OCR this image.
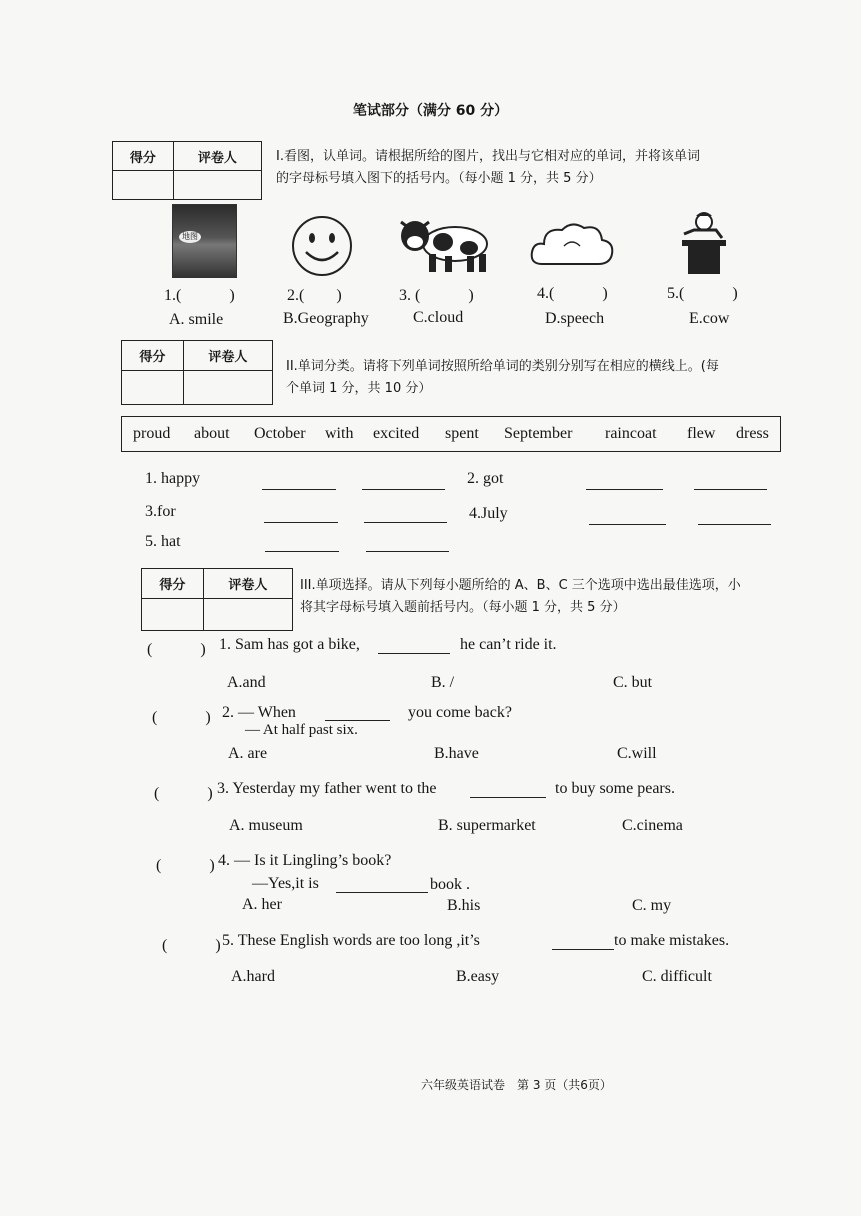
笔试部分（满分 60 分）
得分	评卷人
		I.看图，认单词。请根据所给的图片，找出与它相对应的单词，并将该单词
的字母标号填入图下的括号内。（每小题 1 分，共 5 分）
地图
1.(　　　)	2.(　　)	3. (　　　)	4.(　　　)	5.(　　　)
A. smile	B.Geography	C.cloud	D.speech	E.cow
得分	评卷人

II.单词分类。请将下列单词按照所给单词的类别分别写在相应的横线上。(每
个单词 1 分，共 10 分）
proud about October with excited spent September raincoat flew dress
1. happy	2. got
3.for	4.July
5. hat
得分	评卷人
		III.单项选择。请从下列每小题所给的 A、B、C 三个选项中选出最佳选项，小
将其字母标号填入题前括号内。（每小题 1 分，共 5 分）
(　　　) 1. Sam has got a bike,	he can’t ride it.
A.and	B. /	C. but
(　　　) 2. — When	you come back?
— At half past six.
A. are	B.have	C.will
(　　　) 3. Yesterday my father went to the	to buy some pears.
A. museum	B. supermarket	C.cinema
(　　　) 4. — Is it Lingling’s book?
—Yes,it is	book .
A. her	B.his	C. my
(　　　) 5. These English words are too long ,it’s	to make mistakes.
A.hard	B.easy	C. difficult
六年级英语试卷　第 3 页（共6页）
